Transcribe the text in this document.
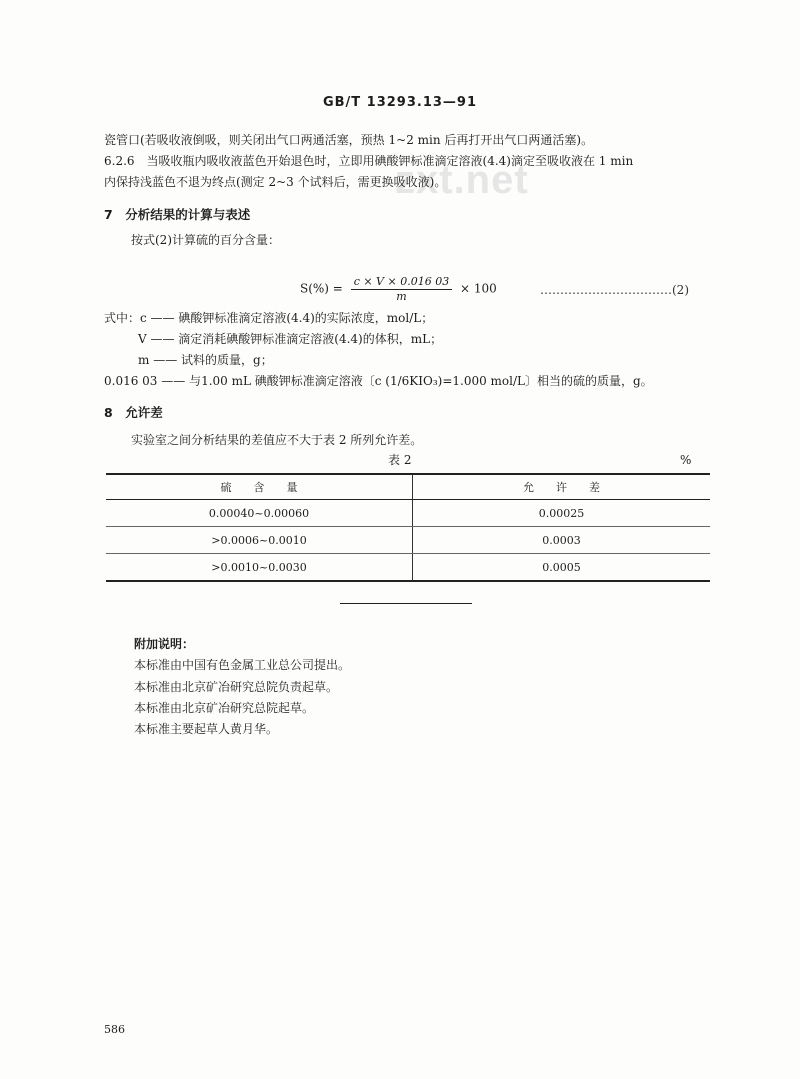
GB/T 13293.13—91
zxt.net
瓷管口(若吸收液倒吸，则关闭出气口两通活塞，预热 1~2 min 后再打开出气口两通活塞)。
6.2.6　当吸收瓶内吸收液蓝色开始退色时，立即用碘酸钾标准滴定溶液(4.4)滴定至吸收液在 1 min
内保持浅蓝色不退为终点(测定 2~3 个试料后，需更换吸收液)。
7　分析结果的计算与表述
按式(2)计算硫的百分含量：
$S(\%) = \frac{c \times V \times 0.016 03}{m} \times 100$	……………………………(2)
式中：c —— 碘酸钾标准滴定溶液(4.4)的实际浓度，mol/L；
V —— 滴定消耗碘酸钾标准滴定溶液(4.4)的体积，mL；
m —— 试料的质量，g；
0.016 03 —— 与1.00 mL 碘酸钾标准滴定溶液〔c (1/6KIO₃)=1.000 mol/L〕相当的硫的质量，g。
8　允许差
实验室之间分析结果的差值应不大于表 2 所列允许差。
表 2	%
硫　　含　　量	允　　许　　差
0.00040~0.00060	0.00025
>0.0006~0.0010	0.0003
>0.0010~0.0030	0.0005
附加说明：
本标准由中国有色金属工业总公司提出。
本标准由北京矿冶研究总院负责起草。
本标准由北京矿冶研究总院起草。
本标准主要起草人黄月华。
586
